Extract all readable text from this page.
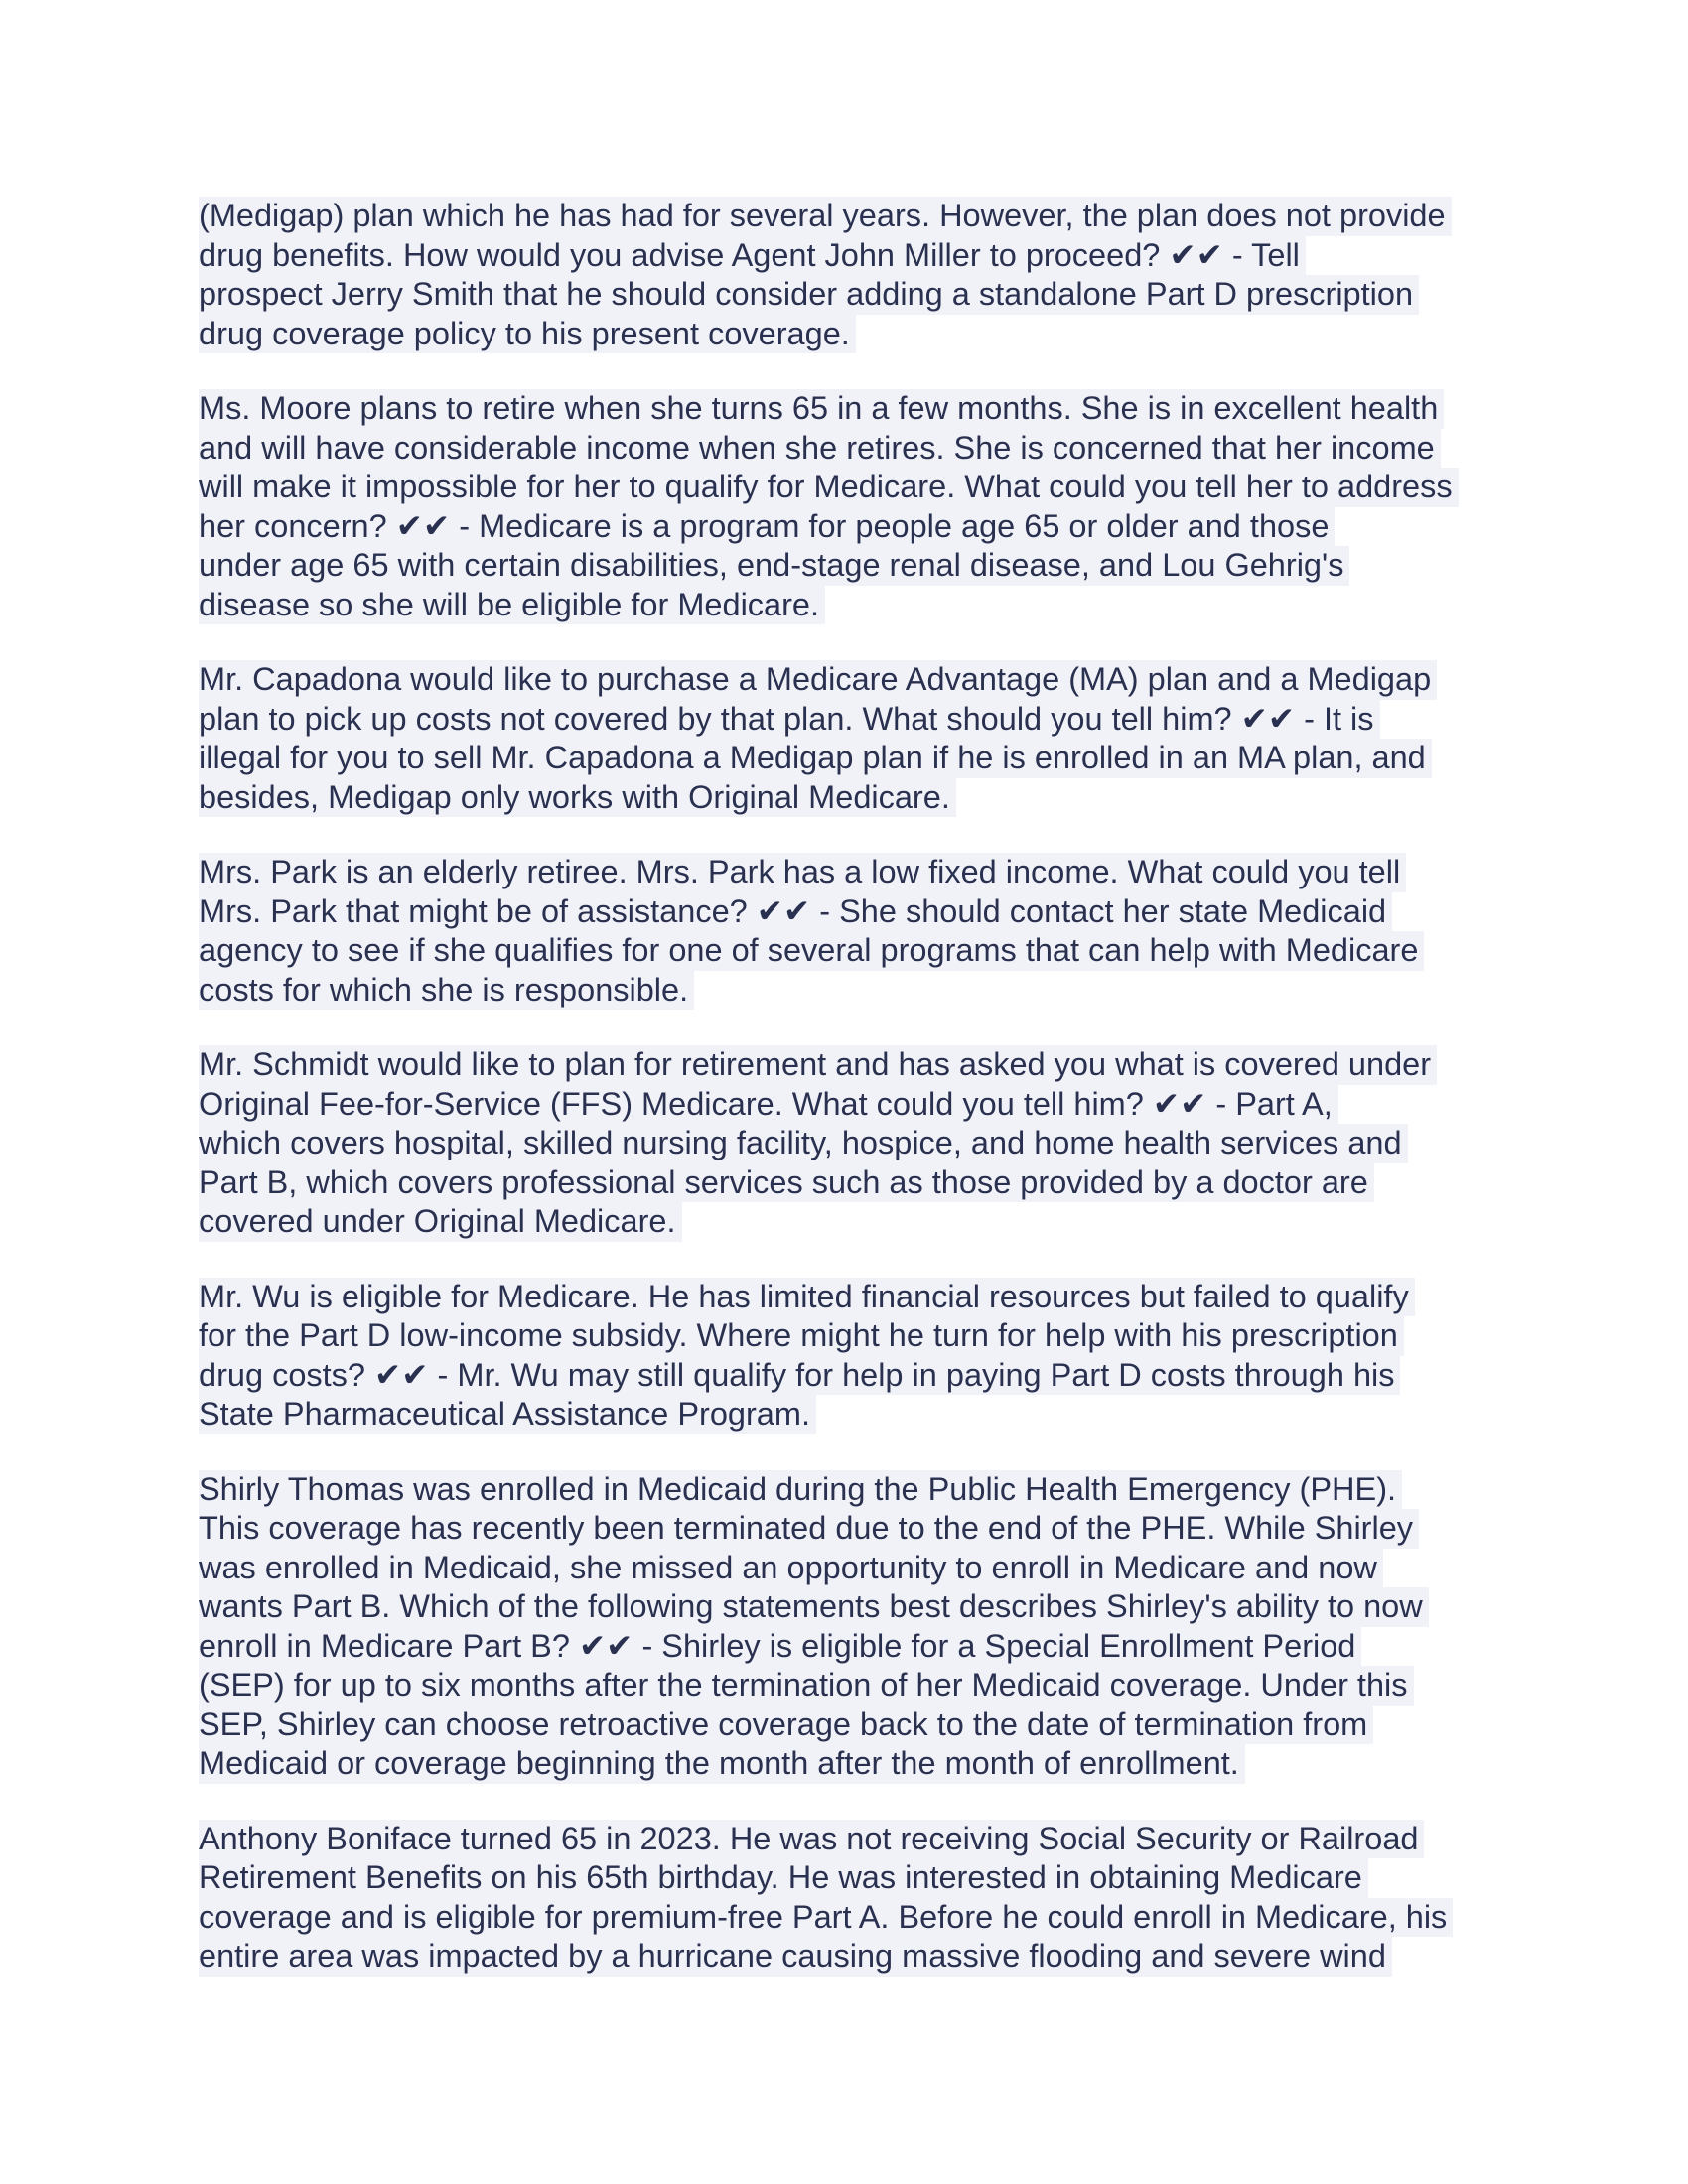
(Medigap) plan which he has had for several years. However, the plan does not provide
drug benefits. How would you advise Agent John Miller to proceed? ✔✔ - Tell
prospect Jerry Smith that he should consider adding a standalone Part D prescription
drug coverage policy to his present coverage.
Ms. Moore plans to retire when she turns 65 in a few months. She is in excellent health
and will have considerable income when she retires. She is concerned that her income
will make it impossible for her to qualify for Medicare. What could you tell her to address
her concern? ✔✔ - Medicare is a program for people age 65 or older and those
under age 65 with certain disabilities, end-stage renal disease, and Lou Gehrig's
disease so she will be eligible for Medicare.
Mr. Capadona would like to purchase a Medicare Advantage (MA) plan and a Medigap
plan to pick up costs not covered by that plan. What should you tell him? ✔✔ - It is
illegal for you to sell Mr. Capadona a Medigap plan if he is enrolled in an MA plan, and
besides, Medigap only works with Original Medicare.
Mrs. Park is an elderly retiree. Mrs. Park has a low fixed income. What could you tell
Mrs. Park that might be of assistance? ✔✔ - She should contact her state Medicaid
agency to see if she qualifies for one of several programs that can help with Medicare
costs for which she is responsible.
Mr. Schmidt would like to plan for retirement and has asked you what is covered under
Original Fee-for-Service (FFS) Medicare. What could you tell him? ✔✔ - Part A,
which covers hospital, skilled nursing facility, hospice, and home health services and
Part B, which covers professional services such as those provided by a doctor are
covered under Original Medicare.
Mr. Wu is eligible for Medicare. He has limited financial resources but failed to qualify
for the Part D low-income subsidy. Where might he turn for help with his prescription
drug costs? ✔✔ - Mr. Wu may still qualify for help in paying Part D costs through his
State Pharmaceutical Assistance Program.
Shirly Thomas was enrolled in Medicaid during the Public Health Emergency (PHE).
This coverage has recently been terminated due to the end of the PHE. While Shirley
was enrolled in Medicaid, she missed an opportunity to enroll in Medicare and now
wants Part B. Which of the following statements best describes Shirley's ability to now
enroll in Medicare Part B? ✔✔ - Shirley is eligible for a Special Enrollment Period
(SEP) for up to six months after the termination of her Medicaid coverage. Under this
SEP, Shirley can choose retroactive coverage back to the date of termination from
Medicaid or coverage beginning the month after the month of enrollment.
Anthony Boniface turned 65 in 2023. He was not receiving Social Security or Railroad
Retirement Benefits on his 65th birthday. He was interested in obtaining Medicare
coverage and is eligible for premium-free Part A. Before he could enroll in Medicare, his
entire area was impacted by a hurricane causing massive flooding and severe wind
